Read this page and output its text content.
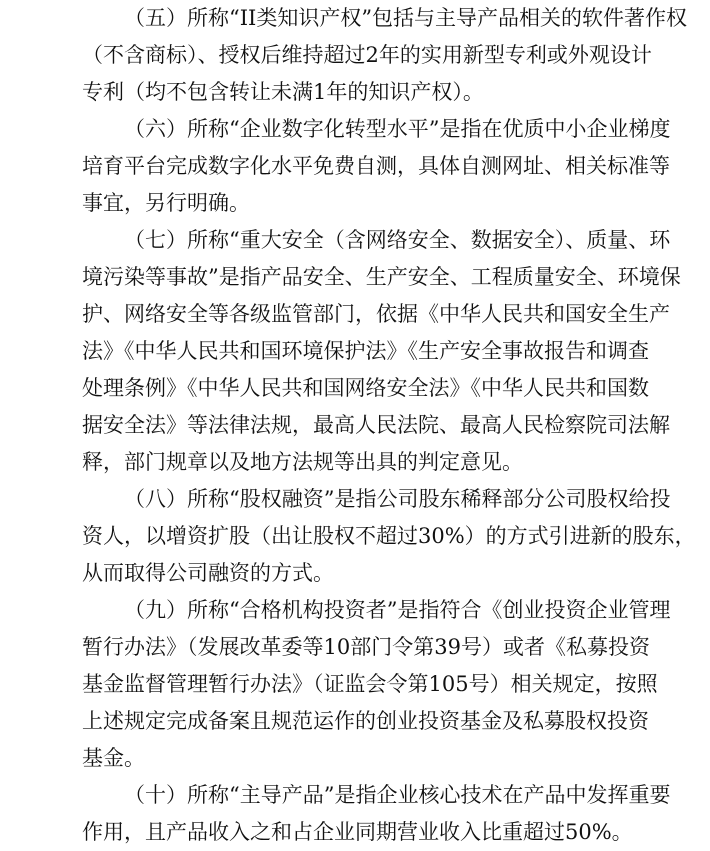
（五）所称“II类知识产权”包括与主导产品相关的软件著作权
（不含商标）、授权后维持超过2年的实用新型专利或外观设计
专利（均不包含转让未满1年的知识产权）。
（六）所称“企业数字化转型水平”是指在优质中小企业梯度
培育平台完成数字化水平免费自测，具体自测网址、相关标准等
事宜，另行明确。
（七）所称“重大安全（含网络安全、数据安全）、质量、环
境污染等事故”是指产品安全、生产安全、工程质量安全、环境保
护、网络安全等各级监管部门，依据《中华人民共和国安全生产
法》《中华人民共和国环境保护法》《生产安全事故报告和调查
处理条例》《中华人民共和国网络安全法》《中华人民共和国数
据安全法》等法律法规，最高人民法院、最高人民检察院司法解
释，部门规章以及地方法规等出具的判定意见。
（八）所称“股权融资”是指公司股东稀释部分公司股权给投
资人，以增资扩股（出让股权不超过30%）的方式引进新的股东，
从而取得公司融资的方式。
（九）所称“合格机构投资者”是指符合《创业投资企业管理
暂行办法》（发展改革委等10部门令第39号）或者《私募投资
基金监督管理暂行办法》（证监会令第105号）相关规定，按照
上述规定完成备案且规范运作的创业投资基金及私募股权投资
基金。
（十）所称“主导产品”是指企业核心技术在产品中发挥重要
作用，且产品收入之和占企业同期营业收入比重超过50%。
